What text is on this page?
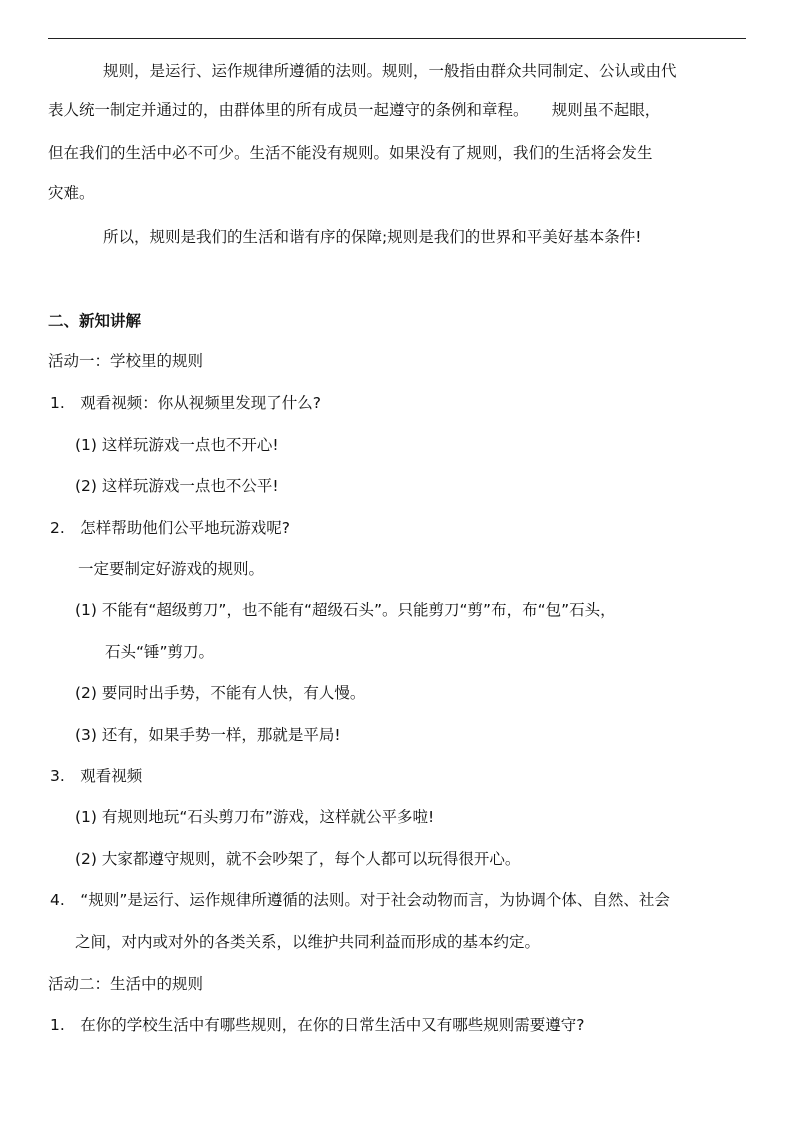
规则，是运行、运作规律所遵循的法则。规则，一般指由群众共同制定、公认或由代
表人统一制定并通过的，由群体里的所有成员一起遵守的条例和章程。　　规则虽不起眼，
但在我们的生活中必不可少。生活不能没有规则。如果没有了规则，我们的生活将会发生
灾难。
所以，规则是我们的生活和谐有序的保障;规则是我们的世界和平美好基本条件!
二、新知讲解
活动一：学校里的规则
1.　观看视频：你从视频里发现了什么?
(1) 这样玩游戏一点也不开心!
(2) 这样玩游戏一点也不公平!
2.　怎样帮助他们公平地玩游戏呢?
一定要制定好游戏的规则。
(1) 不能有“超级剪刀”，也不能有“超级石头”。只能剪刀“剪”布，布“包”石头，
石头“锤”剪刀。
(2) 要同时出手势，不能有人快，有人慢。
(3) 还有，如果手势一样，那就是平局!
3.　观看视频
(1) 有规则地玩“石头剪刀布”游戏，这样就公平多啦!
(2) 大家都遵守规则，就不会吵架了，每个人都可以玩得很开心。
4.　“规则”是运行、运作规律所遵循的法则。对于社会动物而言，为协调个体、自然、社会
之间，对内或对外的各类关系，以维护共同利益而形成的基本约定。
活动二：生活中的规则
1.　在你的学校生活中有哪些规则，在你的日常生活中又有哪些规则需要遵守?
